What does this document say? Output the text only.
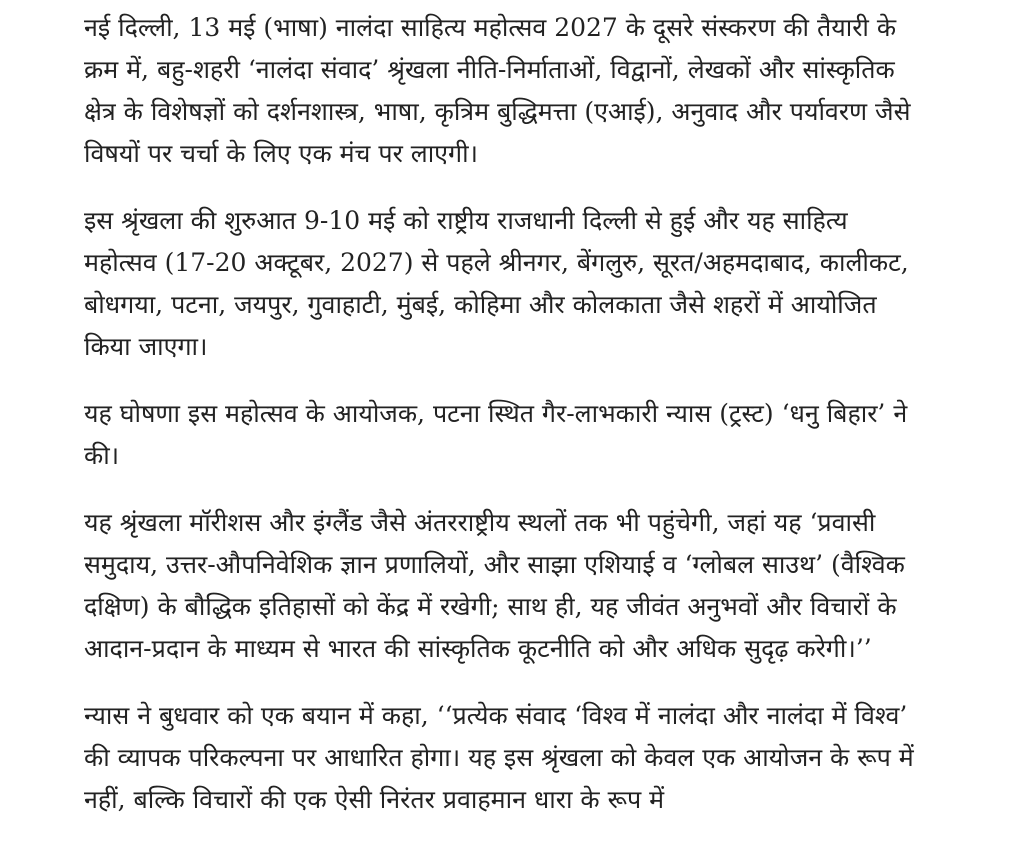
नई दिल्ली, 13 मई (भाषा) नालंदा साहित्य महोत्सव 2027 के दूसरे संस्करण की तैयारी के क्रम में, बहु-शहरी ‘नालंदा संवाद’ श्रृंखला नीति-निर्माताओं, विद्वानों, लेखकों और सांस्कृतिक क्षेत्र के विशेषज्ञों को दर्शनशास्त्र, भाषा, कृत्रिम बुद्धिमत्ता (एआई), अनुवाद और पर्यावरण जैसे विषयों पर चर्चा के लिए एक मंच पर लाएगी।

इस श्रृंखला की शुरुआत 9-10 मई को राष्ट्रीय राजधानी दिल्ली से हुई और यह साहित्य महोत्सव (17-20 अक्टूबर, 2027) से पहले श्रीनगर, बेंगलुरु, सूरत/अहमदाबाद, कालीकट, बोधगया, पटना, जयपुर, गुवाहाटी, मुंबई, कोहिमा और कोलकाता जैसे शहरों में आयोजित किया जाएगा।

यह घोषणा इस महोत्सव के आयोजक, पटना स्थित गैर-लाभकारी न्यास (ट्रस्ट) ‘धनु बिहार’ ने की।

यह श्रृंखला मॉरीशस और इंग्लैंड जैसे अंतरराष्ट्रीय स्थलों तक भी पहुंचेगी, जहां यह ‘प्रवासी समुदाय, उत्तर-औपनिवेशिक ज्ञान प्रणालियों, और साझा एशियाई व ‘ग्लोबल साउथ’ (वैश्विक दक्षिण) के बौद्धिक इतिहासों को केंद्र में रखेगी; साथ ही, यह जीवंत अनुभवों और विचारों के आदान-प्रदान के माध्यम से भारत की सांस्कृतिक कूटनीति को और अधिक सुदृढ़ करेगी।’’

न्यास ने बुधवार को एक बयान में कहा, ‘‘प्रत्येक संवाद ‘विश्व में नालंदा और नालंदा में विश्व’ की व्यापक परिकल्पना पर आधारित होगा। यह इस श्रृंखला को केवल एक आयोजन के रूप में नहीं, बल्कि विचारों की एक ऐसी निरंतर प्रवाहमान धारा के रूप में
